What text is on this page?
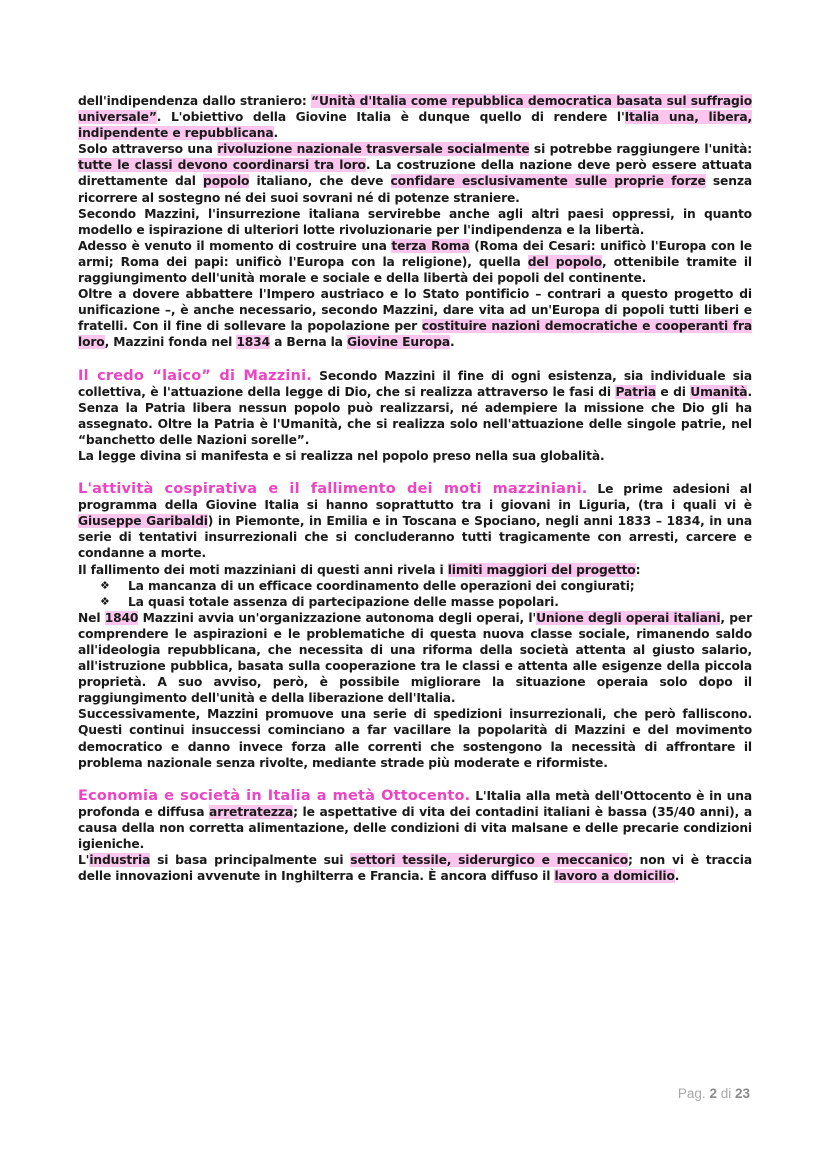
dell'indipendenza dallo straniero: “Unità d'Italia come repubblica democratica basata sul suffragio universale”. L'obiettivo della Giovine Italia è dunque quello di rendere l'Italia una, libera, indipendente e repubblicana.

Solo attraverso una rivoluzione nazionale trasversale socialmente si potrebbe raggiungere l'unità: tutte le classi devono coordinarsi tra loro. La costruzione della nazione deve però essere attuata direttamente dal popolo italiano, che deve confidare esclusivamente sulle proprie forze senza ricorrere al sostegno né dei suoi sovrani né di potenze straniere.

Secondo Mazzini, l'insurrezione italiana servirebbe anche agli altri paesi oppressi, in quanto modello e ispirazione di ulteriori lotte rivoluzionarie per l'indipendenza e la libertà.

Adesso è venuto il momento di costruire una terza Roma (Roma dei Cesari: unificò l'Europa con le armi; Roma dei papi: unificò l'Europa con la religione), quella del popolo, ottenibile tramite il raggiungimento dell'unità morale e sociale e della libertà dei popoli del continente.

Oltre a dovere abbattere l'Impero austriaco e lo Stato pontificio – contrari a questo progetto di unificazione –, è anche necessario, secondo Mazzini, dare vita ad un'Europa di popoli tutti liberi e fratelli. Con il fine di sollevare la popolazione per costituire nazioni democratiche e cooperanti fra loro, Mazzini fonda nel 1834 a Berna la Giovine Europa.

Il credo “laico” di Mazzini. Secondo Mazzini il fine di ogni esistenza, sia individuale sia collettiva, è l'attuazione della legge di Dio, che si realizza attraverso le fasi di Patria e di Umanità. Senza la Patria libera nessun popolo può realizzarsi, né adempiere la missione che Dio gli ha assegnato. Oltre la Patria è l'Umanità, che si realizza solo nell'attuazione delle singole patrie, nel “banchetto delle Nazioni sorelle”.

La legge divina si manifesta e si realizza nel popolo preso nella sua globalità.

L'attività cospirativa e il fallimento dei moti mazziniani. Le prime adesioni al programma della Giovine Italia si hanno soprattutto tra i giovani in Liguria, (tra i quali vi è Giuseppe Garibaldi) in Piemonte, in Emilia e in Toscana e Spociano, negli anni 1833 – 1834, in una serie di tentativi insurrezionali che si concluderanno tutti tragicamente con arresti, carcere e condanne a morte.

Il fallimento dei moti mazziniani di questi anni rivela i limiti maggiori del progetto:

❖ La mancanza di un efficace coordinamento delle operazioni dei congiurati;
❖ La quasi totale assenza di partecipazione delle masse popolari.

Nel 1840 Mazzini avvia un'organizzazione autonoma degli operai, l'Unione degli operai italiani, per comprendere le aspirazioni e le problematiche di questa nuova classe sociale, rimanendo saldo all'ideologia repubblicana, che necessita di una riforma della società attenta al giusto salario, all'istruzione pubblica, basata sulla cooperazione tra le classi e attenta alle esigenze della piccola proprietà. A suo avviso, però, è possibile migliorare la situazione operaia solo dopo il raggiungimento dell'unità e della liberazione dell'Italia.

Successivamente, Mazzini promuove una serie di spedizioni insurrezionali, che però falliscono. Questi continui insuccessi cominciano a far vacillare la popolarità di Mazzini e del movimento democratico e danno invece forza alle correnti che sostengono la necessità di affrontare il problema nazionale senza rivolte, mediante strade più moderate e riformiste.

Economia e società in Italia a metà Ottocento. L'Italia alla metà dell'Ottocento è in una profonda e diffusa arretratezza; le aspettative di vita dei contadini italiani è bassa (35/40 anni), a causa della non corretta alimentazione, delle condizioni di vita malsane e delle precarie condizioni igieniche.

L'industria si basa principalmente sui settori tessile, siderurgico e meccanico; non vi è traccia delle innovazioni avvenute in Inghilterra e Francia. È ancora diffuso il lavoro a domicilio.

Pag. 2 di 23
